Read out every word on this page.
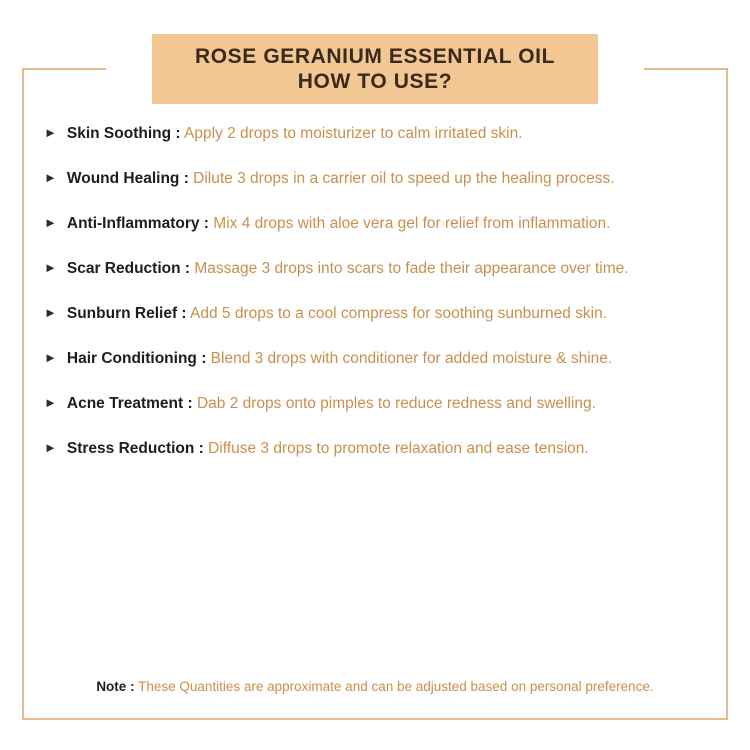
ROSE GERANIUM ESSENTIAL OIL
HOW TO USE?
► Skin Soothing : Apply 2 drops to moisturizer to calm irritated skin.
► Wound Healing : Dilute 3 drops in a carrier oil to speed up the healing process.
► Anti-Inflammatory : Mix 4 drops with aloe vera gel for relief from inflammation.
► Scar Reduction : Massage 3 drops into scars to fade their appearance over time.
► Sunburn Relief : Add 5 drops to a cool compress for soothing sunburned skin.
► Hair Conditioning : Blend 3 drops with conditioner for added moisture & shine.
► Acne Treatment : Dab 2 drops onto pimples to reduce redness and swelling.
► Stress Reduction : Diffuse 3 drops to promote relaxation and ease tension.
Note : These Quantities are approximate and can be adjusted based on personal preference.
